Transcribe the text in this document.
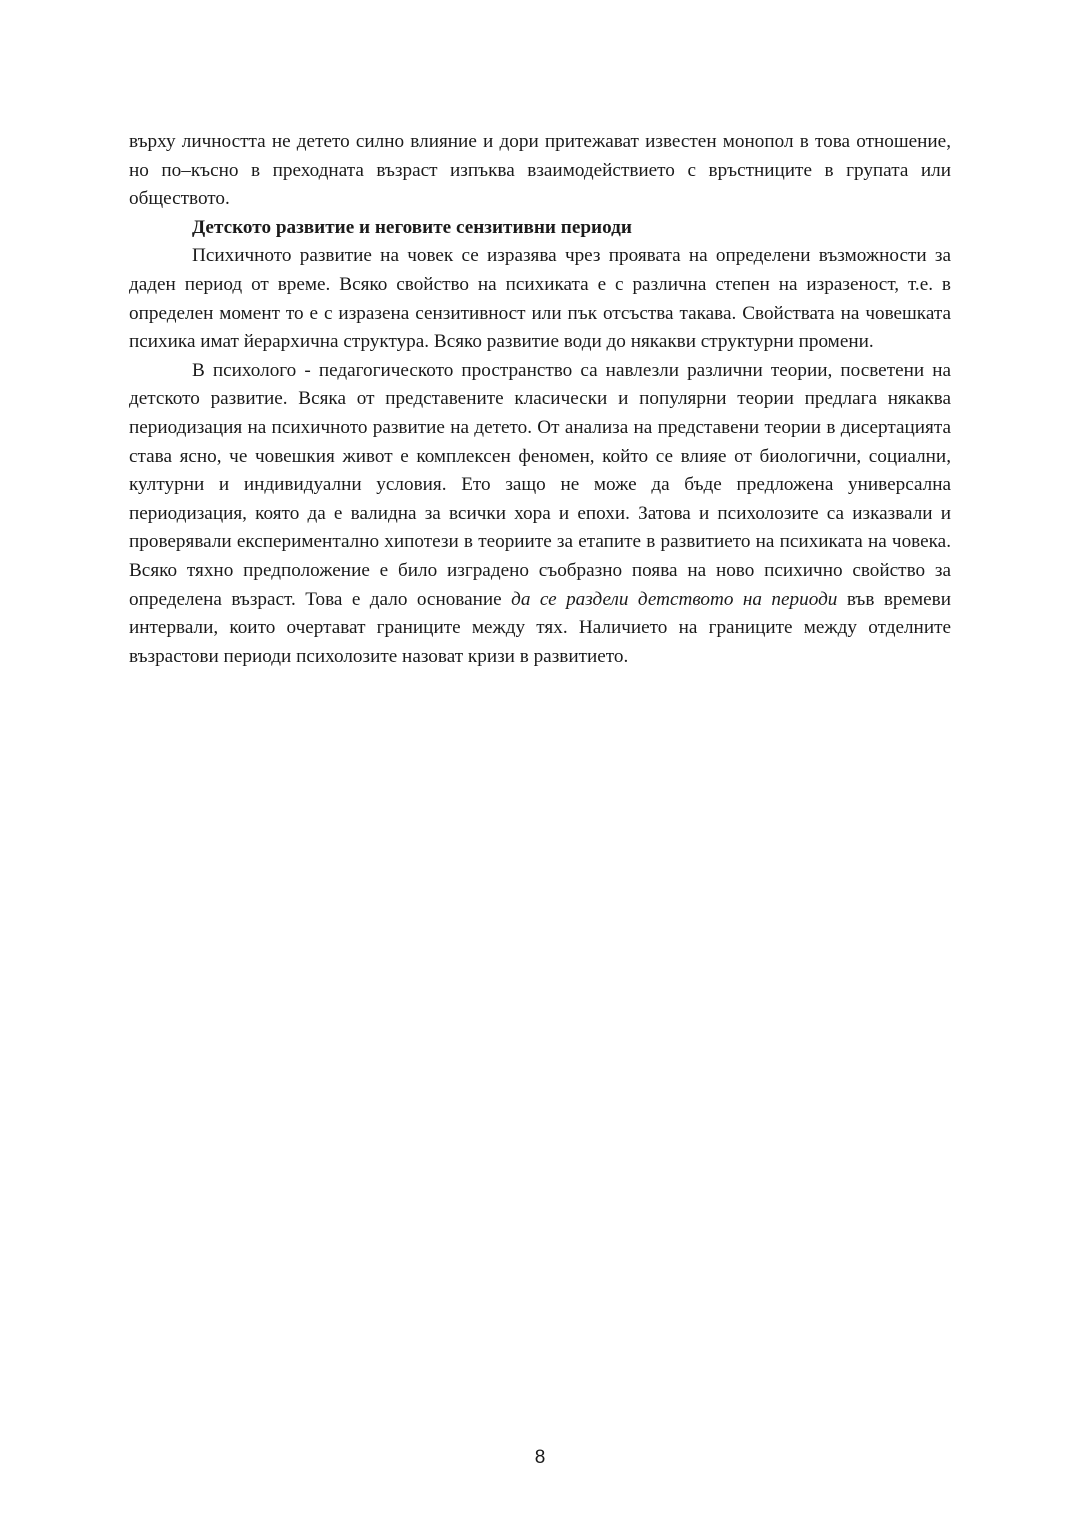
върху личността не детето силно влияние и дори притежават известен монопол в това отношение, но по–късно в преходната възраст изпъква взаимодействието с връстниците в групата или обществото.

Детското развитие и неговите сензитивни периоди

Психичното развитие на човек се изразява чрез проявата на определени възможности за даден период от време. Всяко свойство на психиката е с различна степен на изразеност, т.е. в определен момент то е с изразена сензитивност или пък отсъства такава. Свойствата на човешката психика имат йерархична структура. Всяко развитие води до някакви структурни промени.

В психолого - педагогическото пространство са навлезли различни теории, посветени на детското развитие. Всяка от представените класически и популярни теории предлага някаква периодизация на психичното развитие на детето. От анализа на представени теории в дисертацията става ясно, че човешкия живот е комплексен феномен, който се влияе от биологични, социални, културни и индивидуални условия. Ето защо не може да бъде предложена универсална периодизация, която да е валидна за всички хора и епохи. Затова и психолозите са изказвали и проверявали експериментално хипотези в теориите за етапите в развитието на психиката на човека. Всяко тяхно предположение е било изградено съобразно поява на ново психично свойство за определена възраст. Това е дало основание да се раздели детството на периоди във времеви интервали, които очертават границите между тях. Наличието на границите между отделните възрастови периоди психолозите назоват кризи в развитието.

8
